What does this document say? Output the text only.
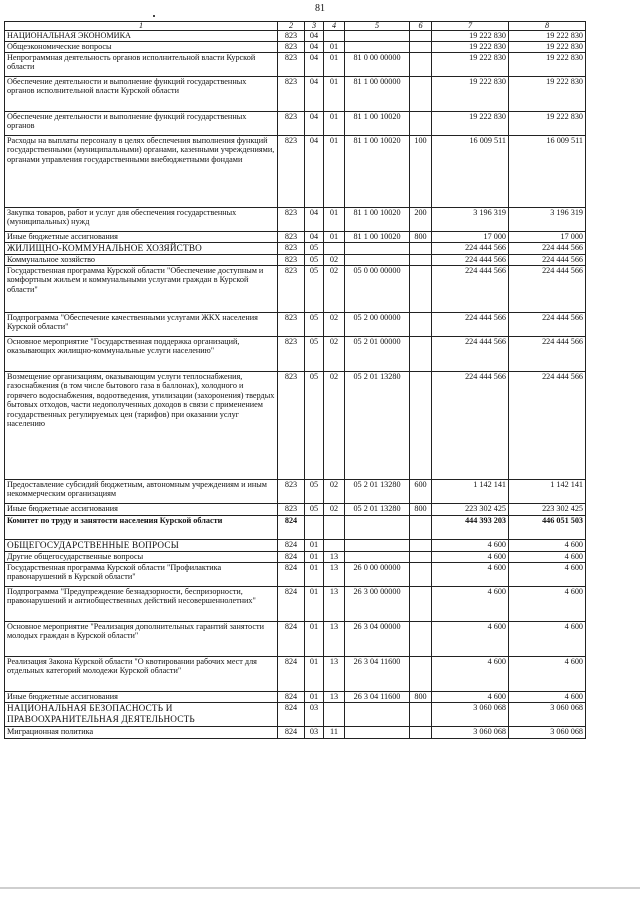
81
1	2	3	4	5	6	7	8
НАЦИОНАЛЬНАЯ ЭКОНОМИКА	823	04				19 222 830	19 222 830
Общеэкономические вопросы	823	04	01			19 222 830	19 222 830
Непрограммная деятельность органов исполнительной власти Курской области	823	04	01	81 0 00 00000		19 222 830	19 222 830
Обеспечение деятельности и выполнение функций государственных органов исполнительной власти Курской области	823	04	01	81 1 00 00000		19 222 830	19 222 830
Обеспечение деятельности и выполнение функций государственных органов	823	04	01	81 1 00 10020		19 222 830	19 222 830
Расходы на выплаты персоналу в целях обеспечения выполнения функций государственными (муниципальными) органами, казенными учреждениями, органами управления государственными внебюджетными фондами	823	04	01	81 1 00 10020	100	16 009 511	16 009 511
Закупка товаров, работ и услуг для обеспечения государственных (муниципальных) нужд	823	04	01	81 1 00 10020	200	3 196 319	3 196 319
Иные бюджетные ассигнования	823	04	01	81 1 00 10020	800	17 000	17 000
ЖИЛИЩНО-КОММУНАЛЬНОЕ ХОЗЯЙСТВО	823	05				224 444 566	224 444 566
Коммунальное хозяйство	823	05	02			224 444 566	224 444 566
Государственная программа Курской области "Обеспечение доступным и комфортным жильем и коммунальными услугами граждан в Курской области"	823	05	02	05 0 00 00000		224 444 566	224 444 566
Подпрограмма "Обеспечение качественными услугами ЖКХ населения Курской области"	823	05	02	05 2 00 00000		224 444 566	224 444 566
Основное мероприятие "Государственная поддержка организаций, оказывающих жилищно-коммунальные услуги населению"	823	05	02	05 2 01 00000		224 444 566	224 444 566
Возмещение организациям, оказывающим услуги теплоснабжения, газоснабжения (в том числе бытового газа в баллонах), холодного и горячего водоснабжения, водоотведения, утилизации (захоронения) твердых бытовых отходов, части недополученных доходов в связи с применением государственных регулируемых цен (тарифов) при оказании услуг населению	823	05	02	05 2 01 13280		224 444 566	224 444 566
Предоставление субсидий бюджетным, автономным учреждениям и иным некоммерческим организациям	823	05	02	05 2 01 13280	600	1 142 141	1 142 141
Иные бюджетные ассигнования	823	05	02	05 2 01 13280	800	223 302 425	223 302 425
Комитет по труду и занятости населения Курской области	824					444 393 203	446 051 503
ОБЩЕГОСУДАРСТВЕННЫЕ ВОПРОСЫ	824	01				4 600	4 600
Другие общегосударственные вопросы	824	01	13			4 600	4 600
Государственная программа Курской области "Профилактика правонарушений в Курской области"	824	01	13	26 0 00 00000		4 600	4 600
Подпрограмма "Предупреждение безнадзорности, беспризорности, правонарушений и антиобщественных действий несовершеннолетних"	824	01	13	26 3 00 00000		4 600	4 600
Основное мероприятие "Реализация дополнительных гарантий занятости молодых граждан в Курской области"	824	01	13	26 3 04 00000		4 600	4 600
Реализация Закона Курской области "О квотировании рабочих мест для отдельных категорий молодежи Курской области"	824	01	13	26 3 04 11600		4 600	4 600
Иные бюджетные ассигнования	824	01	13	26 3 04 11600	800	4 600	4 600
НАЦИОНАЛЬНАЯ БЕЗОПАСНОСТЬ И ПРАВООХРАНИТЕЛЬНАЯ ДЕЯТЕЛЬНОСТЬ	824	03				3 060 068	3 060 068
Миграционная политика	824	03	11			3 060 068	3 060 068
